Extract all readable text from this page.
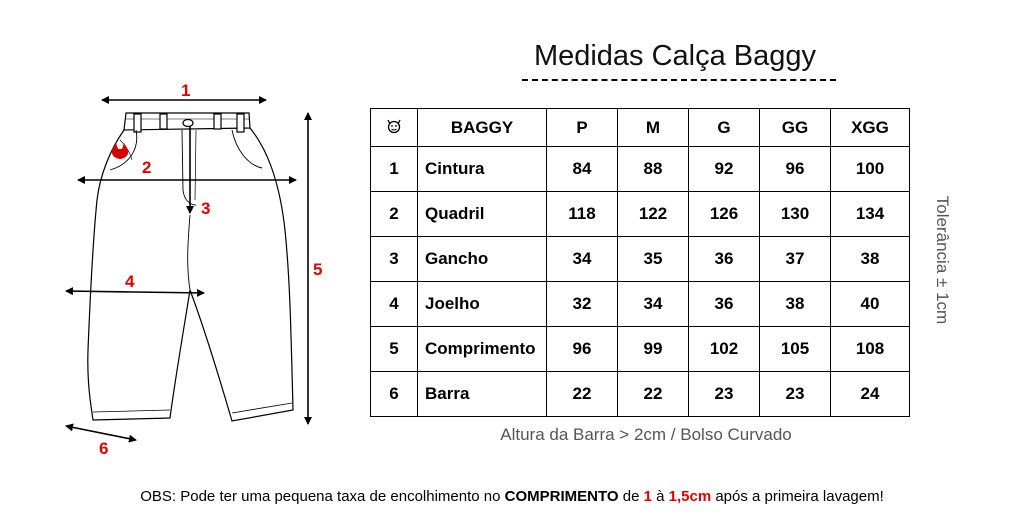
Medidas Calça Baggy
1
2
3
4
5
6
	BAGGY	P	M	G	GG	XGG
1	Cintura	84	88	92	96	100
2	Quadril	118	122	126	130	134
3	Gancho	34	35	36	37	38
4	Joelho	32	34	36	38	40
5	Comprimento	96	99	102	105	108
6	Barra	22	22	23	23	24
Tolerância ± 1cm
Altura da Barra > 2cm / Bolso Curvado
OBS: Pode ter uma pequena taxa de encolhimento no COMPRIMENTO de 1 à 1,5cm após a primeira lavagem!
